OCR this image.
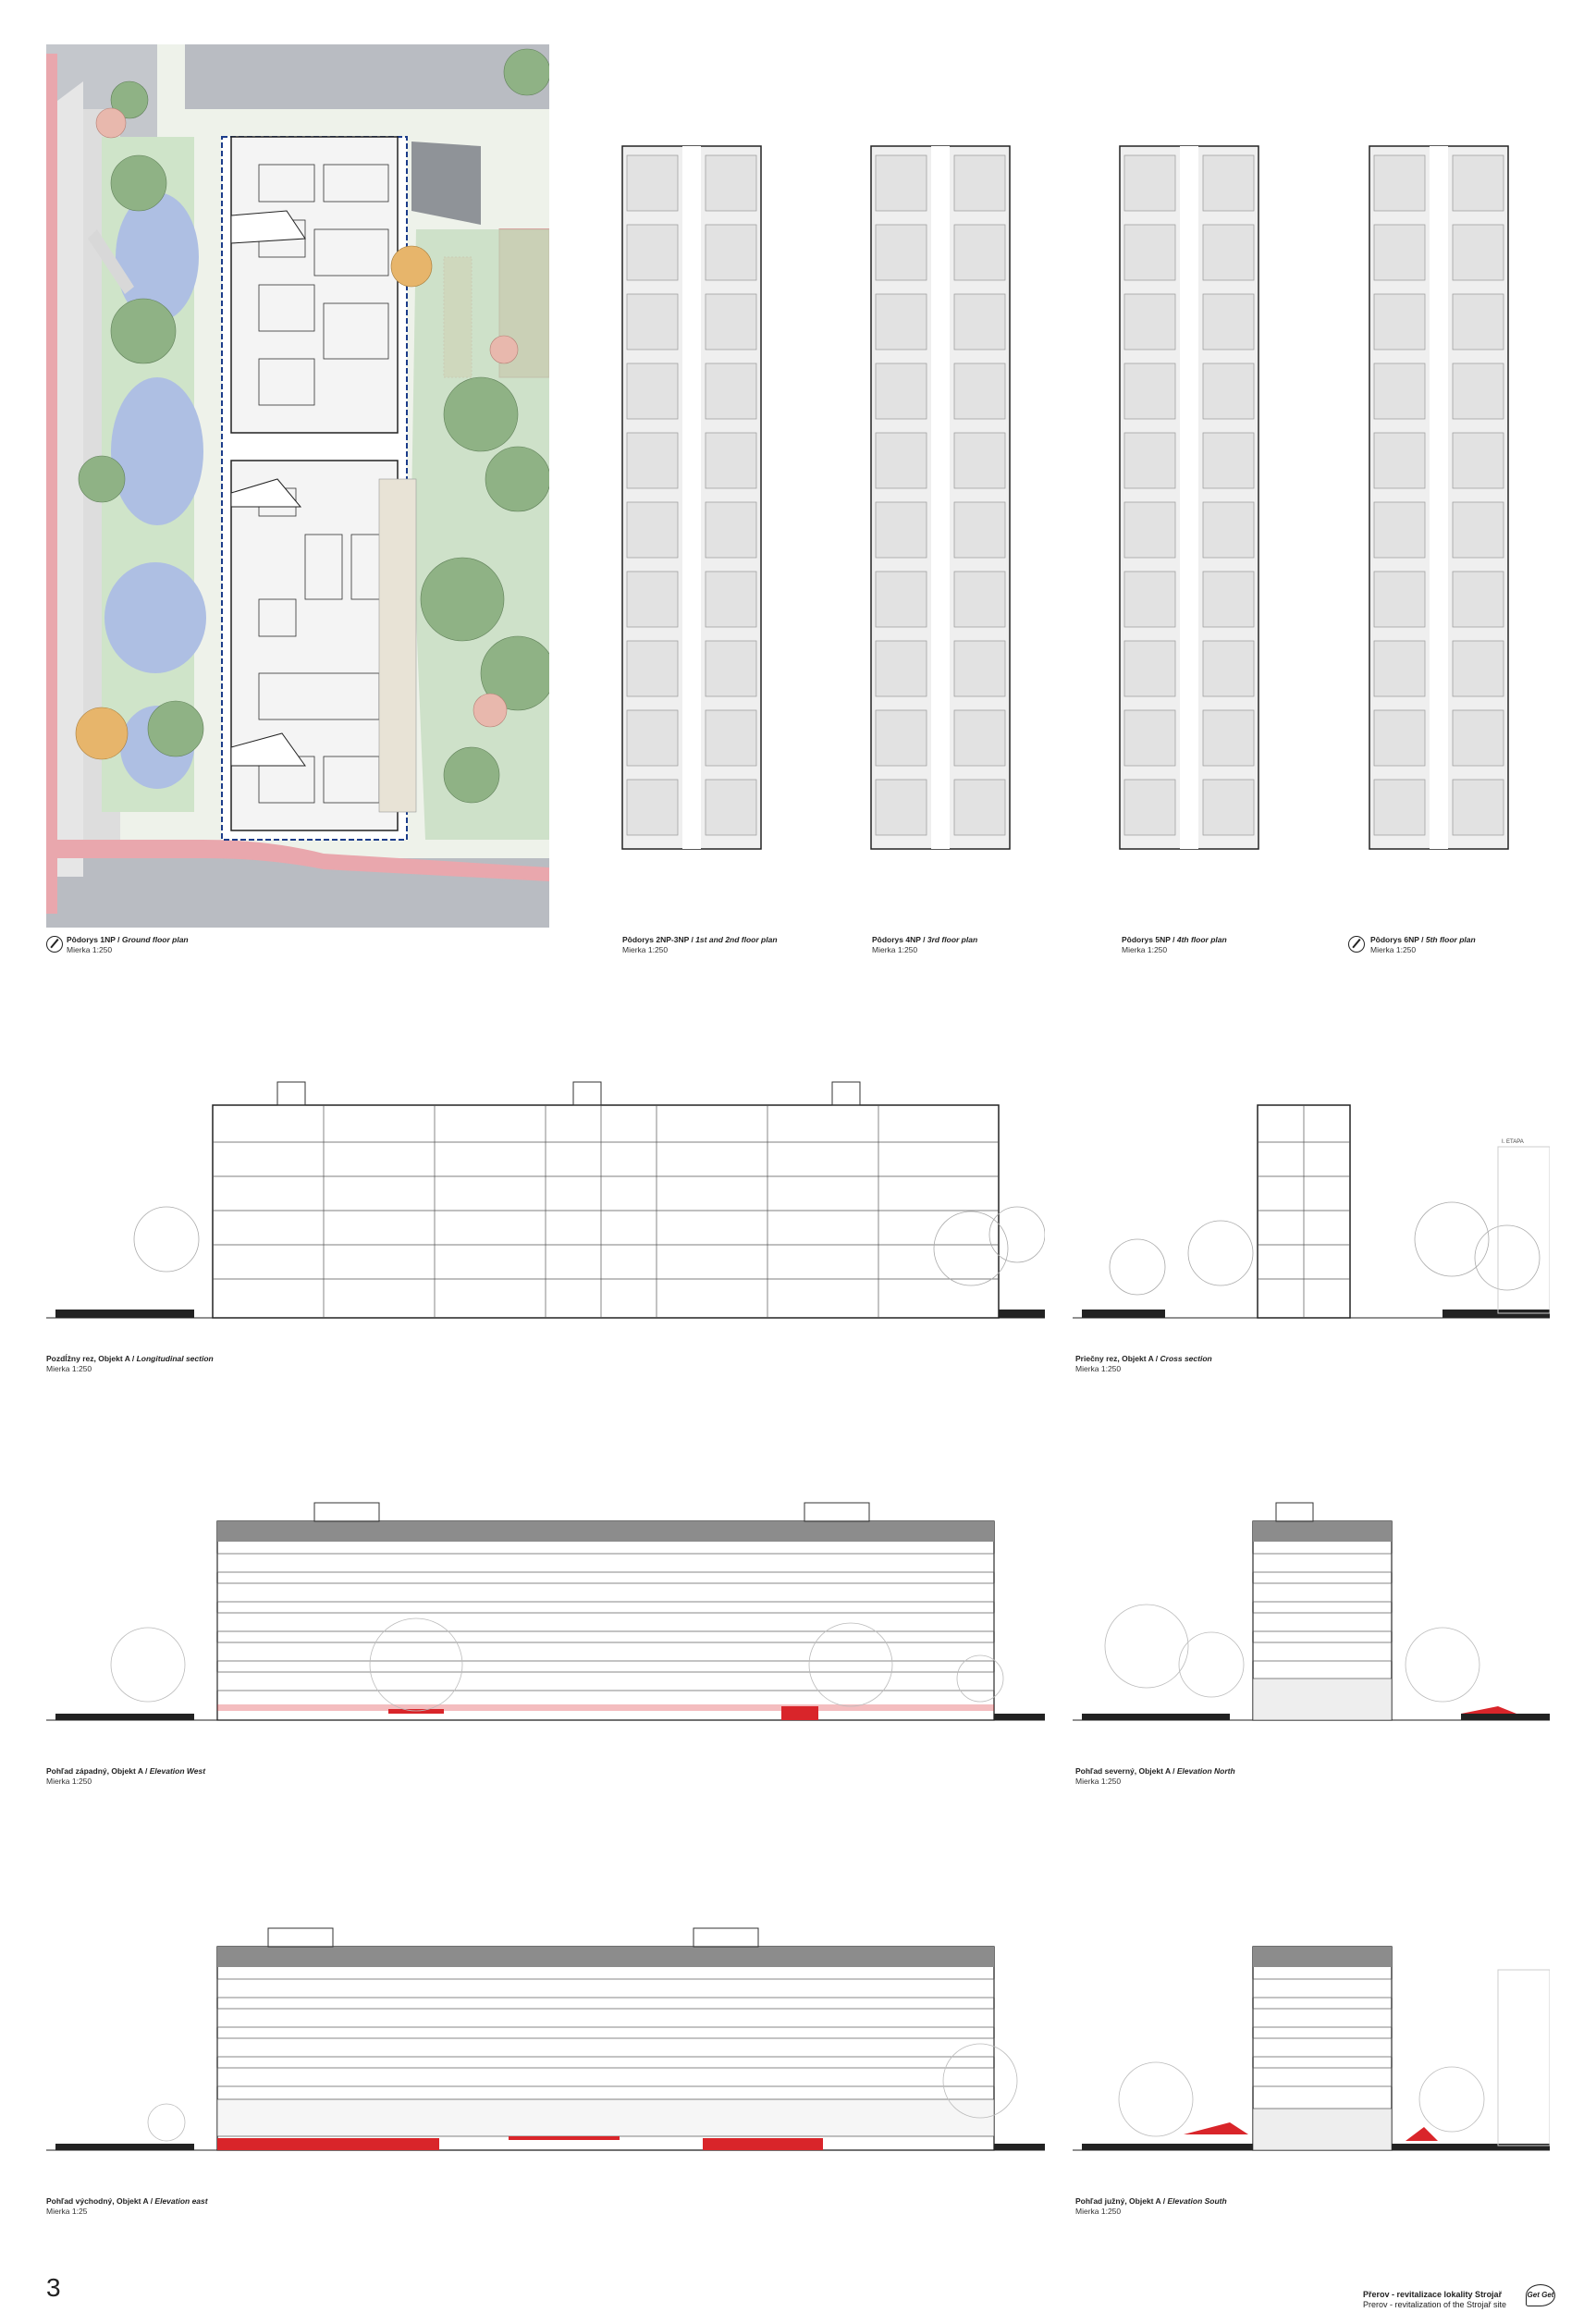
I. ETAPA
Pôdorys 1NP / Ground floor plan
Mierka 1:250
Pôdorys 2NP-3NP / 1st and 2nd floor plan
Mierka 1:250
Pôdorys 4NP / 3rd floor plan
Mierka 1:250
Pôdorys 5NP / 4th floor plan
Mierka 1:250
Pôdorys 6NP / 5th floor plan
Mierka 1:250
Pozdĺžny rez, Objekt A / Longitudinal section
Mierka 1:250
Priečny rez, Objekt A / Cross section
Mierka 1:250
Pohľad západný, Objekt A / Elevation West
Mierka 1:250
Pohľad severný, Objekt A / Elevation North
Mierka 1:250
Pohľad východný, Objekt A / Elevation east
Mierka 1:25
Pohľad južný, Objekt A / Elevation South
Mierka 1:250
3	Přerov - revitalizace lokality Strojař
Prerov - revitalization of the Strojař site
Get Get
